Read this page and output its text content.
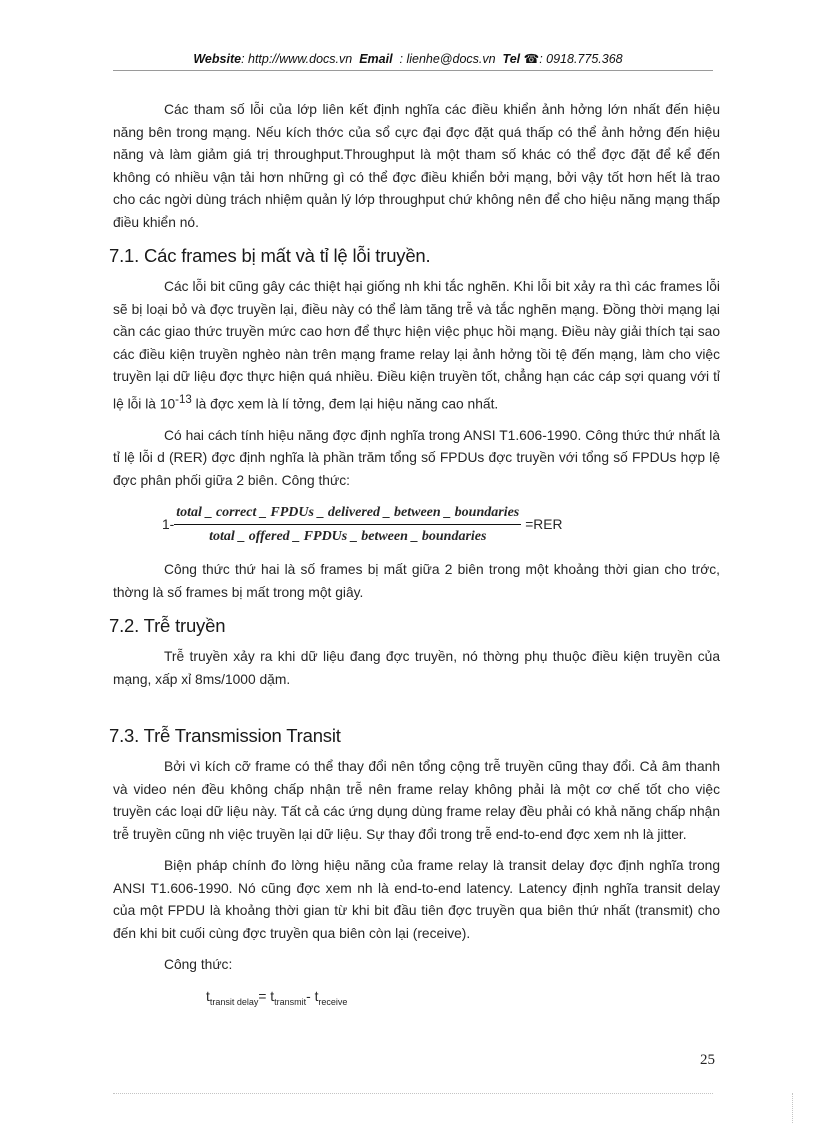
Website: http://www.docs.vn Email : lienhe@docs.vn Tel ☎: 0918.775.368

Các tham số lỗi của lớp liên kết định nghĩa các điều khiển ảnh hởng lớn nhất đến hiệu năng bên trong mạng. Nếu kích thớc của sổ cực đại đợc đặt quá thấp có thể ảnh hởng đến hiệu năng và làm giảm giá trị throughput.Throughput là một tham số khác có thể đợc đặt để kể đến không có nhiều vận tải hơn những gì có thể đợc điều khiển bởi mạng, bởi vậy tốt hơn hết là trao cho các ngời dùng trách nhiệm quản lý lớp throughput chứ không nên để cho hiệu năng mạng thấp điều khiển nó.

7.1. Các frames bị mất và tỉ lệ lỗi truyền.

Các lỗi bit cũng gây các thiệt hại giống nh khi tắc nghẽn. Khi lỗi bit xảy ra thì các frames lỗi sẽ bị loại bỏ và đợc truyền lại, điều này có thể làm tăng trễ và tắc nghẽn mạng. Đồng thời mạng lại cần các giao thức truyền mức cao hơn để thực hiện việc phục hồi mạng. Điều này giải thích tại sao các điều kiện truyền nghèo nàn trên mạng frame relay lại ảnh hởng tồi tệ đến mạng, làm cho việc truyền lại dữ liệu đợc thực hiện quá nhiều. Điều kiện truyền tốt, chẳng hạn các cáp sợi quang với tỉ lệ lỗi là $10^{-13}$ là đợc xem là lí tởng, đem lại hiệu năng cao nhất.

Có hai cách tính hiệu năng đợc định nghĩa trong ANSI T1.606-1990. Công thức thứ nhất là tỉ lệ lỗi d (RER) đợc định nghĩa là phần trăm tổng số FPDUs đợc truyền với tổng số FPDUs hợp lệ đợc phân phối giữa 2 biên. Công thức:

$1- \frac{\text{total \_ correct \_ FPDUs \_ delivered \_ between \_ boundaries}}{\text{total \_ offered \_ FPDUs \_ between \_ boundaries}} =RER$

Công thức thứ hai là số frames bị mất giữa 2 biên trong một khoảng thời gian cho trớc, thờng là số frames bị mất trong một giây.

7.2. Trễ truyền

Trễ truyền xảy ra khi dữ liệu đang đợc truyền, nó thờng phụ thuộc điều kiện truyền của mạng, xấp xỉ 8ms/1000 dặm.

7.3. Trễ Transmission Transit

Bởi vì kích cỡ frame có thể thay đổi nên tổng cộng trễ truyền cũng thay đổi. Cả âm thanh và video nén đều không chấp nhận trễ nên frame relay không phải là một cơ chế tốt cho việc truyền các loại dữ liệu này. Tất cả các ứng dụng dùng frame relay đều phải có khả năng chấp nhận trễ truyền cũng nh việc truyền lại dữ liệu. Sự thay đổi trong trễ end-to-end đợc xem nh là jitter.

Biện pháp chính đo lờng hiệu năng của frame relay là transit delay đợc định nghĩa trong ANSI T1.606-1990. Nó cũng đợc xem nh là end-to-end latency. Latency định nghĩa transit delay của một FPDU là khoảng thời gian từ khi bit đầu tiên đợc truyền qua biên thứ nhất (transmit) cho đến khi bit cuối cùng đợc truyền qua biên còn lại (receive).

Công thức:

$t_{transit delay}= t_{transmit}-$ $t_{receive}$
25
